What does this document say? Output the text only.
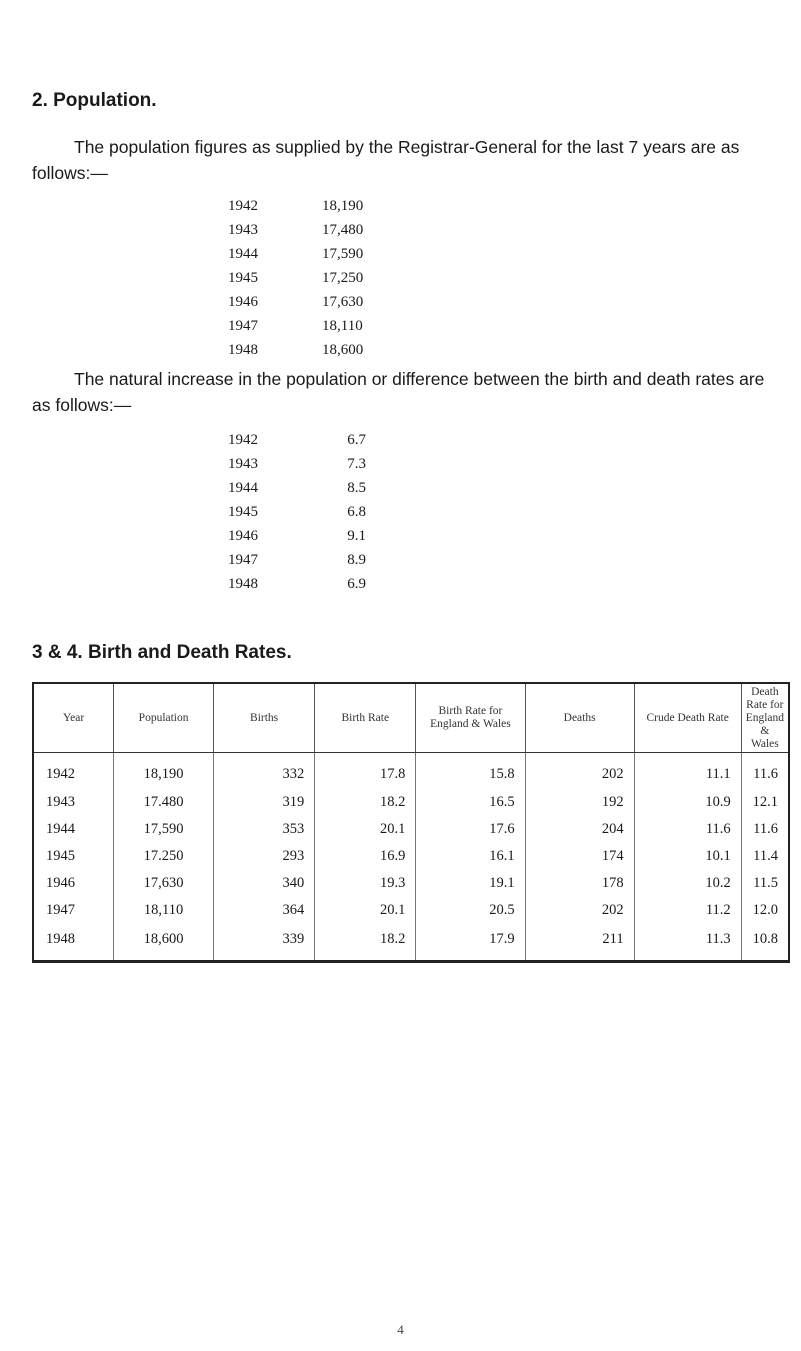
2. Population.

The population figures as supplied by the Registrar-General for the last 7 years are as follows:—

1942	18,190
1943	17,480
1944	17,590
1945	17,250
1946	17,630
1947	18,110
1948	18,600

The natural increase in the population or difference between the birth and death rates are as follows:—

1942	6.7
1943	7.3
1944	8.5
1945	6.8
1946	9.1
1947	8.9
1948	6.9
3 & 4. Birth and Death Rates.
Year	Population	Births	Birth Rate	Birth Rate for England & Wales	Deaths	Crude Death Rate	Death Rate for England & Wales
1942	18,190	332	17.8	15.8	202	11.1	11.6
1943	17.480	319	18.2	16.5	192	10.9	12.1
1944	17,590	353	20.1	17.6	204	11.6	11.6
1945	17.250	293	16.9	16.1	174	10.1	11.4
1946	17,630	340	19.3	19.1	178	10.2	11.5
1947	18,110	364	20.1	20.5	202	11.2	12.0
1948	18,600	339	18.2	17.9	211	11.3	10.8
4
